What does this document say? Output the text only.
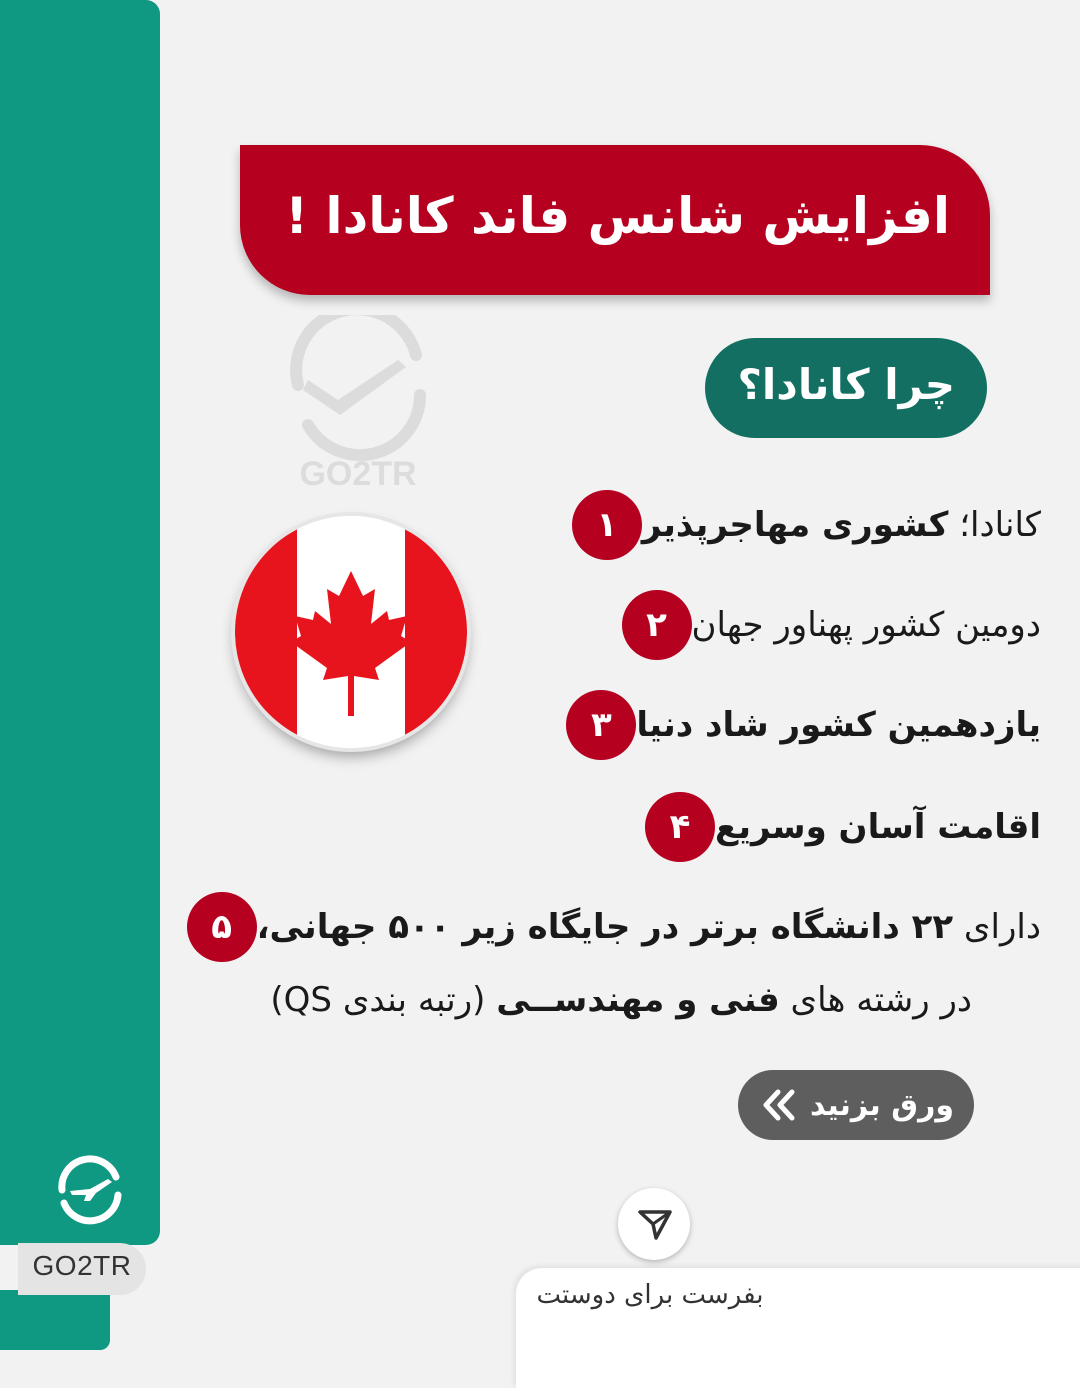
GO2TR
افزایش شانس فاند کانادا !
GO2TR
چرا کانادا؟
۱	کانادا؛ کشوری مهاجرپذیر
۲ دومین کشور پهناور جهان
۳ یازدهمین کشور شاد دنیا
۴ اقامت آسان وسریع
۵	دارای ۲۲ دانشگاه برتر در جایگاه زیر ۵۰۰ جهانی،
در رشته های فنی و مهندســی (رتبه بندی QS)
ورق بزنید
بفرست برای دوستت
